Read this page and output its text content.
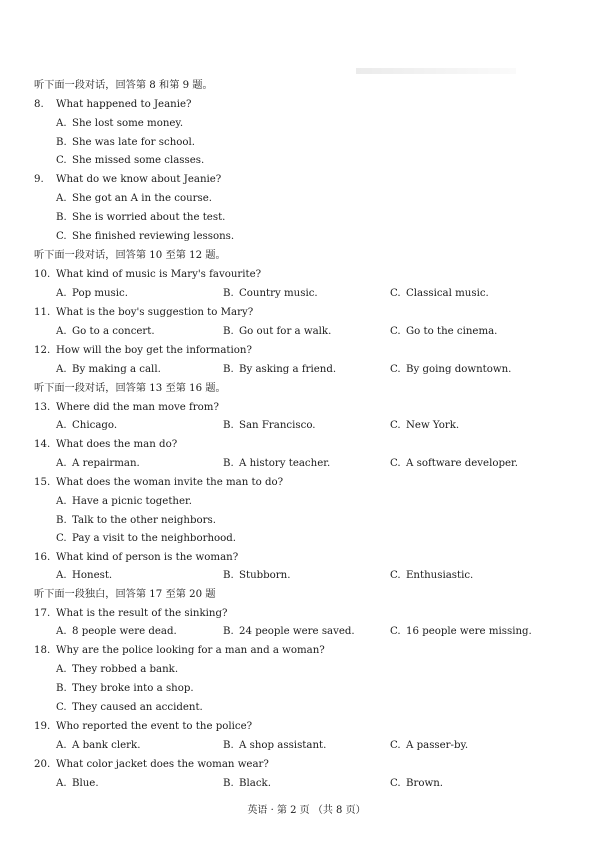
听下面一段对话，回答第 8 和第 9 题。
8. What happened to Jeanie?
A. She lost some money.
B. She was late for school.
C. She missed some classes.
9. What do we know about Jeanie?
A. She got an A in the course.
B. She is worried about the test.
C. She finished reviewing lessons.
听下面一段对话，回答第 10 至第 12 题。
10. What kind of music is Mary's favourite?
A. Pop music.	B. Country music.	C. Classical music.
11. What is the boy's suggestion to Mary?
A. Go to a concert.	B. Go out for a walk.	C. Go to the cinema.
12. How will the boy get the information?
A. By making a call.	B. By asking a friend.	C. By going downtown.
听下面一段对话，回答第 13 至第 16 题。
13. Where did the man move from?
A. Chicago.	B. San Francisco.	C. New York.
14. What does the man do?
A. A repairman.	B. A history teacher.	C. A software developer.
15. What does the woman invite the man to do?
A. Have a picnic together.
B. Talk to the other neighbors.
C. Pay a visit to the neighborhood.
16. What kind of person is the woman?
A. Honest.	B. Stubborn.	C. Enthusiastic.
听下面一段独白，回答第 17 至第 20 题
17. What is the result of the sinking?
A. 8 people were dead.	B. 24 people were saved.	C. 16 people were missing.
18. Why are the police looking for a man and a woman?
A. They robbed a bank.
B. They broke into a shop.
C. They caused an accident.
19. Who reported the event to the police?
A. A bank clerk.	B. A shop assistant.	C. A passer-by.
20. What color jacket does the woman wear?
A. Blue.	B. Black.	C. Brown.
英语 · 第 2 页 （共 8 页）
